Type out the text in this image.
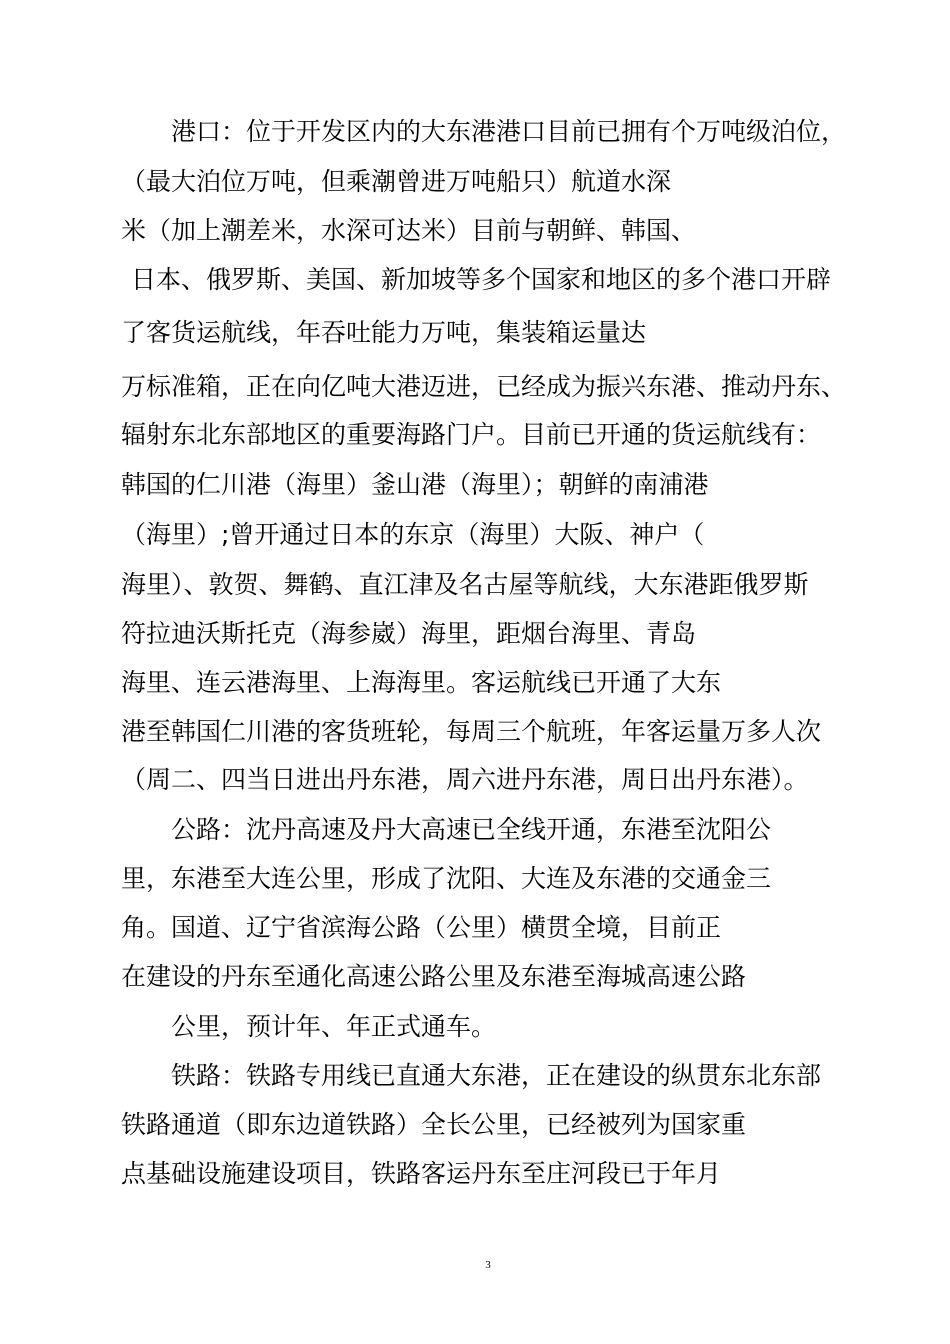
港口：位于开发区内的大东港港口目前已拥有个万吨级泊位，
（最大泊位万吨，但乘潮曾进万吨船只）航道水深
米（加上潮差米，水深可达米）目前与朝鲜、韩国、
日本、俄罗斯、美国、新加坡等多个国家和地区的多个港口开辟
了客货运航线，年吞吐能力万吨，集装箱运量达
万标准箱，正在向亿吨大港迈进，已经成为振兴东港、推动丹东、
辐射东北东部地区的重要海路门户。目前已开通的货运航线有：
韩国的仁川港（海里）釜山港（海里）；朝鲜的南浦港
（海里）;曾开通过日本的东京（海里）大阪、神户（
海里）、敦贺、舞鹤、直江津及名古屋等航线，大东港距俄罗斯
符拉迪沃斯托克（海参崴）海里，距烟台海里、青岛
海里、连云港海里、上海海里。客运航线已开通了大东
港至韩国仁川港的客货班轮，每周三个航班，年客运量万多人次
（周二、四当日进出丹东港，周六进丹东港，周日出丹东港）。
公路：沈丹高速及丹大高速已全线开通，东港至沈阳公
里，东港至大连公里，形成了沈阳、大连及东港的交通金三
角。国道、辽宁省滨海公路（公里）横贯全境，目前正
在建设的丹东至通化高速公路公里及东港至海城高速公路
公里，预计年、年正式通车。
铁路：铁路专用线已直通大东港，正在建设的纵贯东北东部
铁路通道（即东边道铁路）全长公里，已经被列为国家重
点基础设施建设项目，铁路客运丹东至庄河段已于年月
3
